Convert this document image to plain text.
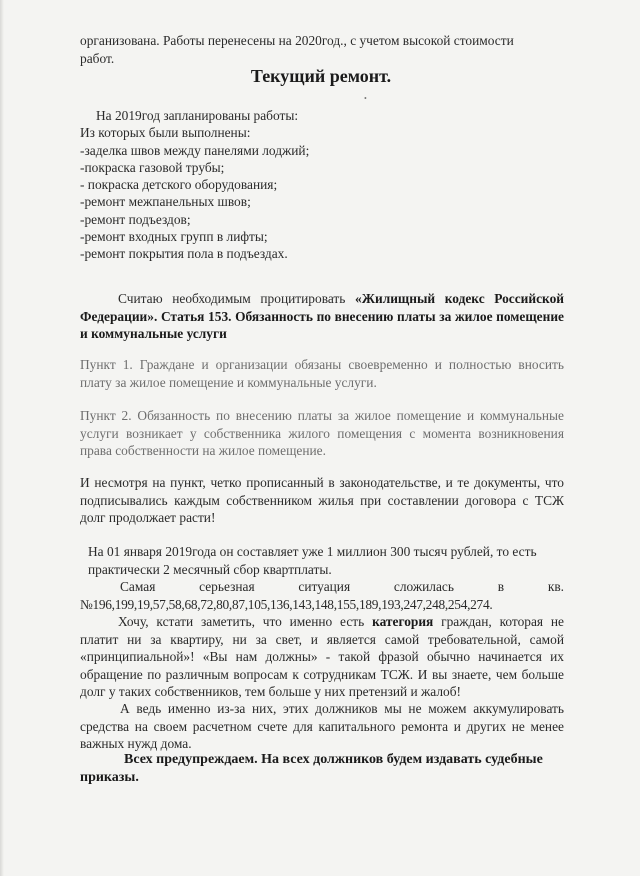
организована. Работы перенесены на 2020год., с учетом высокой стоимости
работ.
Текущий ремонт.
•
На 2019год запланированы работы:
Из которых были выполнены:
-заделка швов между панелями лоджий;
-покраска газовой трубы;
- покраска детского оборудования;
-ремонт межпанельных швов;
-ремонт подъездов;
-ремонт входных групп в лифты;
-ремонт покрытия пола в подъездах.

Считаю необходимым процитировать «Жилищный кодекс Российской Федерации». Статья 153. Обязанность по внесению платы за жилое помещение и коммунальные услуги

Пункт 1. Граждане и организации обязаны своевременно и полностью вносить плату за жилое помещение и коммунальные услуги.

Пункт 2. Обязанность по внесению платы за жилое помещение и коммунальные услуги возникает у собственника жилого помещения с момента возникновения права собственности на жилое помещение.

И несмотря на пункт, четко прописанный в законодательстве, и те документы, что подписывались каждым собственником жилья при составлении договора с ТСЖ долг продолжает расти!

На 01 января 2019года он составляет уже 1 миллион 300 тысяч рублей, то есть практически 2 месячный сбор квартплаты.

Самая серьезная ситуация сложилась в кв.
№196,199,19,57,58,68,72,80,87,105,136,143,148,155,189,193,247,248,254,274.

Хочу, кстати заметить, что именно есть категория граждан, которая не платит ни за квартиру, ни за свет, и является самой требовательной, самой «принципиальной»! «Вы нам должны» - такой фразой обычно начинается их обращение по различным вопросам к сотрудникам ТСЖ. И вы знаете, чем больше долг у таких собственников, тем больше у них претензий и жалоб!

А ведь именно из-за них, этих должников мы не можем аккумулировать средства на своем расчетном счете для капитального ремонта и других не менее важных нужд дома.

Всех предупреждаем. На всех должников будем издавать судебные приказы.
